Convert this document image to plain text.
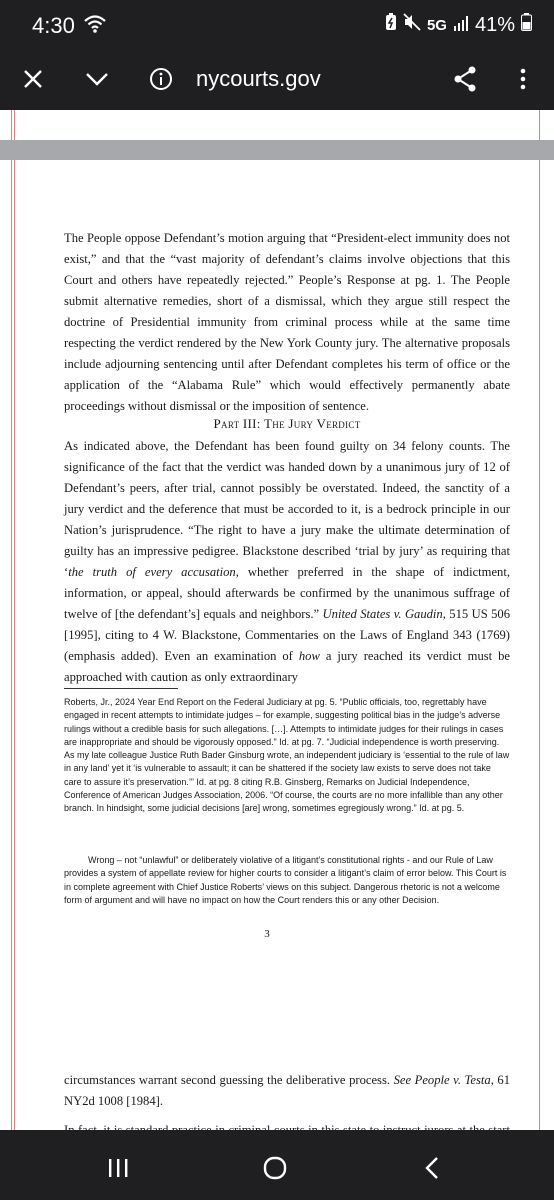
4:30	5G 41%
nycourts.gov

The People oppose Defendant’s motion arguing that “President-elect immunity does not exist,” and that the “vast majority of defendant’s claims involve objections that this Court and others have repeatedly rejected.” People’s Response at pg. 1. The People submit alternative remedies, short of a dismissal, which they argue still respect the doctrine of Presidential immunity from criminal process while at the same time respecting the verdict rendered by the New York County jury. The alternative proposals include adjourning sentencing until after Defendant completes his term of office or the application of the “Alabama Rule” which would effectively permanently abate proceedings without dismissal or the imposition of sentence.

Part III: The Jury Verdict

As indicated above, the Defendant has been found guilty on 34 felony counts. The significance of the fact that the verdict was handed down by a unanimous jury of 12 of Defendant’s peers, after trial, cannot possibly be overstated. Indeed, the sanctity of a jury verdict and the deference that must be accorded to it, is a bedrock principle in our Nation’s jurisprudence. “The right to have a jury make the ultimate determination of guilty has an impressive pedigree. Blackstone described ‘trial by jury’ as requiring that ‘the truth of every accusation, whether preferred in the shape of indictment, information, or appeal, should afterwards be confirmed by the unanimous suffrage of twelve of [the defendant’s] equals and neighbors.” United States v. Gaudin, 515 US 506 [1995], citing to 4 W. Blackstone, Commentaries on the Laws of England 343 (1769) (emphasis added). Even an examination of how a jury reached its verdict must be approached with caution as only extraordinary

Roberts, Jr., 2024 Year End Report on the Federal Judiciary at pg. 5. “Public officials, too, regrettably have engaged in recent attempts to intimidate judges – for example, suggesting political bias in the judge’s adverse rulings without a credible basis for such allegations. […]. Attempts to intimidate judges for their rulings in cases are inappropriate and should be vigorously opposed.” Id. at pg. 7. “Judicial independence is worth preserving. As my late colleague Justice Ruth Bader Ginsburg wrote, an independent judiciary is ‘essential to the rule of law in any land’ yet it ‘is vulnerable to assault; it can be shattered if the society law exists to serve does not take care to assure it’s preservation.’” Id. at pg. 8 citing R.B. Ginsberg, Remarks on Judicial Independence, Conference of American Judges Association, 2006. “Of course, the courts are no more infallible than any other branch. In hindsight, some judicial decisions [are] wrong, sometimes egregiously wrong.” Id. at pg. 5.

Wrong – not “unlawful” or deliberately violative of a litigant’s constitutional rights - and our Rule of Law provides a system of appellate review for higher courts to consider a litigant’s claim of error below. This Court is in complete agreement with Chief Justice Roberts’ views on this subject. Dangerous rhetoric is not a welcome form of argument and will have no impact on how the Court renders this or any other Decision.

3

circumstances warrant second guessing the deliberative process. See People v. Testa, 61 NY2d 1008 [1984].
